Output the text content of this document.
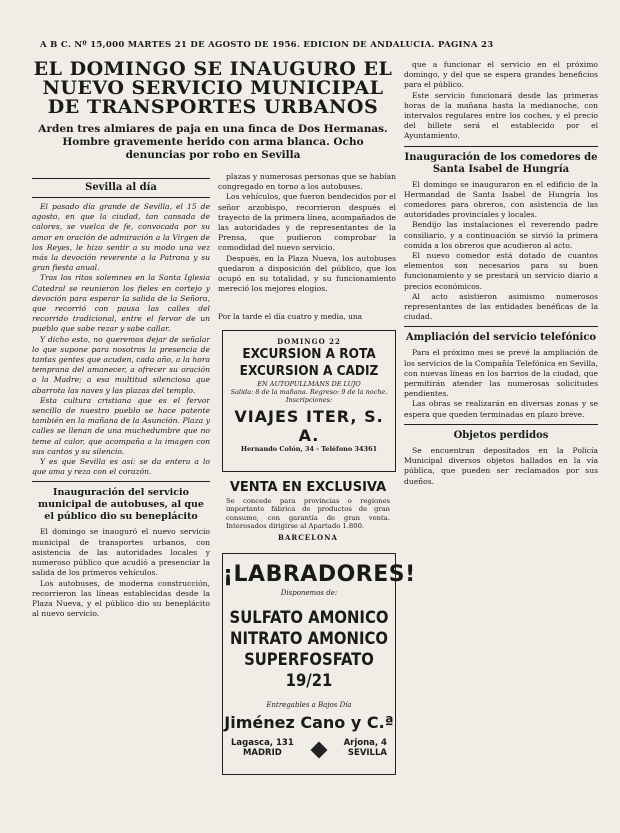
A B C. Nº 15,000 MARTES 21 DE AGOSTO DE 1956. EDICION DE ANDALUCIA. PAGINA 23
EL DOMINGO SE INAUGURO EL NUEVO SERVICIO MUNICIPAL DE TRANSPORTES URBANOS
Arden tres almiares de paja en una finca de Dos Hermanas. Hombre gravemente herido con arma blanca. Ocho denuncias por robo en Sevilla
Sevilla al día

El pasado día grande de Sevilla, el 15 de agosto, en que la ciudad, tan cansada de calores, se vuelca de fe, convocada por su amor en oración de admiración a la Virgen de los Reyes, le hizo sentir a su modo una vez más la devoción reverente a la Patrona y su gran fiesta anual.

Tras los ritos solemnes en la Santa Iglesia Catedral se reunieron los fieles en cortejo y devoción para esperar la salida de la Señora, que recorrió con pausa las calles del recorrido tradicional, entre el fervor de un pueblo que sabe rezar y sabe callar.

Y dicho esto, no queremos dejar de señalar lo que supone para nosotros la presencia de tantas gentes que acuden, cada año, a la hora temprana del amanecer, a ofrecer su oración a la Madre; a esa multitud silenciosa que abarrota las naves y las plazas del templo.

Esta cultura cristiana que es el fervor sencillo de nuestro pueblo se hace patente también en la mañana de la Asunción. Plaza y calles se llenan de una muchedumbre que no teme al calor, que acompaña a la imagen con sus cantos y su silencio.

Y es que Sevilla es así: se da entera a lo que ama y reza con el corazón.

Inauguración del servicio municipal de autobuses, al que el público dio su beneplácito

El domingo se inauguró el nuevo servicio municipal de transportes urbanos, con asistencia de las autoridades locales y numeroso público que acudió a presenciar la salida de los primeros vehículos.

Los autobuses, de moderna construcción, recorrieron las líneas establecidas desde la Plaza Nueva, y el público dio su beneplácito al nuevo servicio.

plazas y numerosas personas que se habían congregado en torno a los autobuses.

Los vehículos, que fueron bendecidos por el señor arzobispo, recorrieron después el trayecto de la primera línea, acompañados de las autoridades y de representantes de la Prensa, que pudieron comprobar la comodidad del nuevo servicio.

Después, en la Plaza Nueva, los autobuses quedaron a disposición del público, que los ocupó en su totalidad, y su funcionamiento mereció los mejores elogios.

Por la tarde el día cuatro y media, una
DOMINGO 22
EXCURSION A ROTA
EXCURSION A CADIZ
EN AUTOPULLMANS DE LUJO
Salida: 8 de la mañana. Regreso: 9 de la noche.
Inscripciones:
VIAJES ITER, S. A.
Hernando Colón, 34 - Teléfono 34361
VENTA EN EXCLUSIVA
Se concede para provincias o regiones importante fábrica de productos de gran consumo, con garantía de gran venta. Interesados dirigirse al Apartado 1.800.
BARCELONA
¡LABRADORES!
Disponemos de:
SULFATO AMONICO
NITRATO AMONICO
SUPERFOSFATO 19/21
Entregables a Bajos Día
Jiménez Cano y C.ª
Lagasca, 131
MADRID
Arjona, 4
SEVILLA

que a funcionar el servicio en el próximo domingo, y del que se espera grandes beneficios para el público.

Este servicio funcionará desde las primeras horas de la mañana hasta la medianoche, con intervalos regulares entre los coches, y el precio del billete será el establecido por el Ayuntamiento.

Inauguración de los comedores de Santa Isabel de Hungría

El domingo se inauguraron en el edificio de la Hermandad de Santa Isabel de Hungría los comedores para obreros, con asistencia de las autoridades provinciales y locales.

Bendijo las instalaciones el reverendo padre consiliario, y a continuación se sirvió la primera comida a los obreros que acudieron al acto.

El nuevo comedor está dotado de cuantos elementos son necesarios para su buen funcionamiento y se prestará un servicio diario a precios económicos.

Al acto asistieron asimismo numerosos representantes de las entidades benéficas de la ciudad.

Ampliación del servicio telefónico

Para el próximo mes se prevé la ampliación de los servicios de la Compañía Telefónica en Sevilla, con nuevas líneas en los barrios de la ciudad, que permitirán atender las numerosas solicitudes pendientes.

Las obras se realizarán en diversas zonas y se espera que queden terminadas en plazo breve.

Objetos perdidos

Se encuentran depositados en la Policía Municipal diversos objetos hallados en la vía pública, que pueden ser reclamados por sus dueños.
